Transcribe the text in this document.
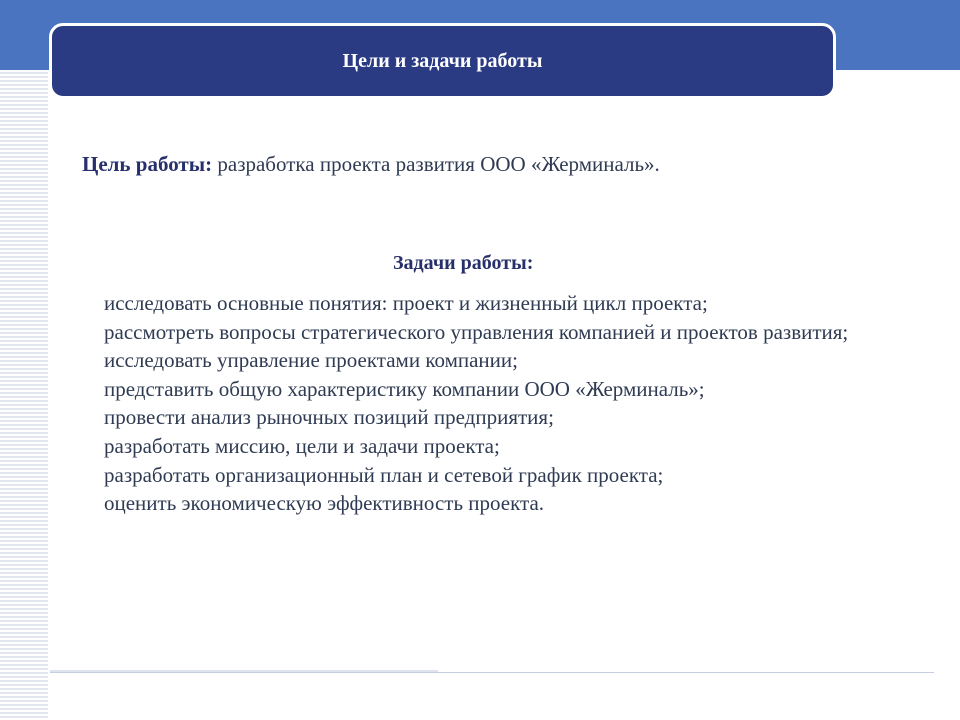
Цели и задачи работы
Цель работы: разработка проекта развития ООО «Жерминаль».
Задачи работы:
исследовать основные понятия: проект и жизненный цикл проекта;
рассмотреть вопросы стратегического управления компанией и проектов развития;
исследовать управление проектами компании;
представить общую характеристику компании ООО «Жерминаль»;
провести анализ рыночных позиций предприятия;
разработать миссию, цели и задачи проекта;
разработать организационный план и сетевой график проекта;
оценить экономическую эффективность проекта.
